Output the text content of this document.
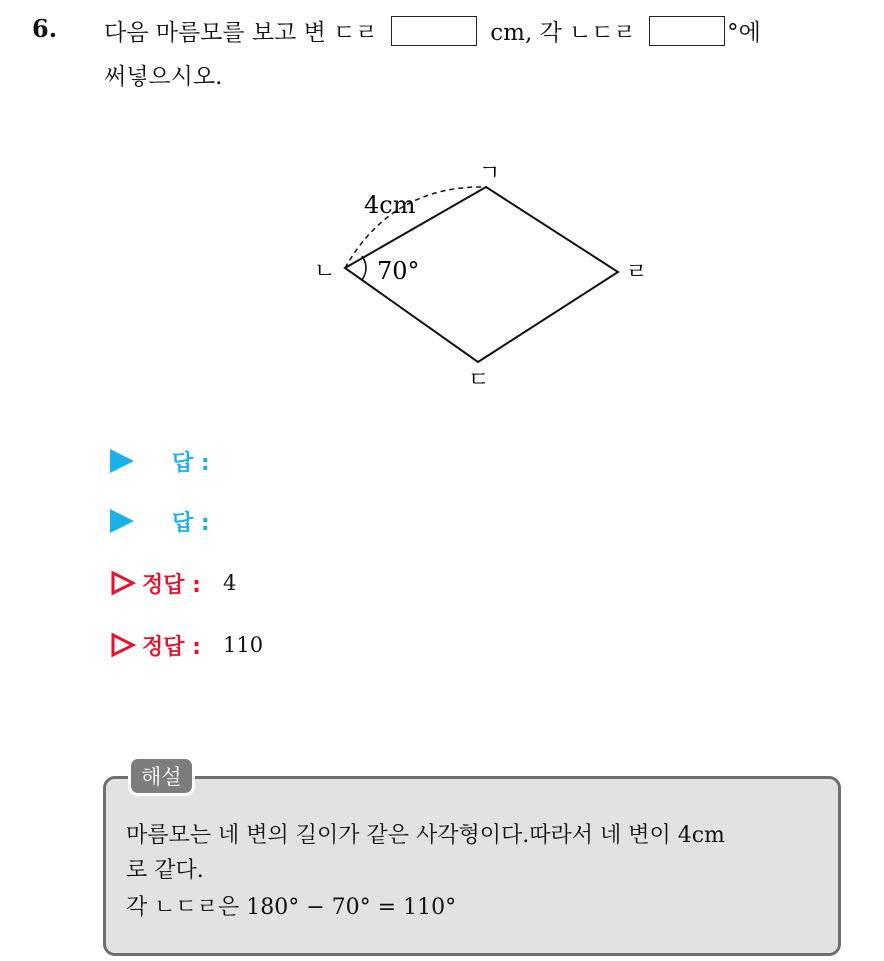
6. 다음 마름모를 보고 변 ㄷㄹ	cm, 각 ㄴㄷㄹ	°에
써넣으시오.
ㄱ
ㄴ	ㄹ
ㄷ
4cm
70°
답 :
답 :
정답 : 4
정답 : 110
해설
마름모는 네 변의 길이가 같은 사각형이다.따라서 네 변이 4cm
로 같다.
각 ㄴㄷㄹ은 180° − 70° = 110°
